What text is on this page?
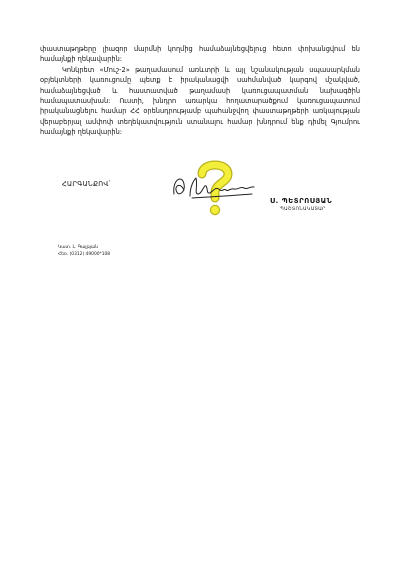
փաստաթղթերը լիազոր մարմնի կողմից համաձայնեցվելուց հետո փոխանցվում են համայնքի ղեկավարին:

Կոնկրետ «Մուշ-2» թաղամասում առևտրի և այլ նշանակության սպասարկման օբյեկտների կառուցումը պետք է իրականացվի սահմանված կարգով մշակված, համաձայնեցված և հաստատված թաղամասի կառուցապատման նախագծին համապատասխան: Ուստի, խնդրո առարկա հողատարածքում կառուցապատում իրականացնելու համար ՀՀ օրենսդրությամբ պահանջվող փաստաթղթերի առկայության վերաբերյալ ամփոփ տեղեկատվություն ստանալու համար խնդրում ենք դիմել Գյումրու համայնքի ղեկավարին:

ՀԱՐԳԱՆՔՈՎ՝
Ս. ՊԵՏՐՈՍՅԱՆ
ՊԱՇՏՈՆԱԿԱՏԱՐ
Կատ. Լ. Գալթյան
Հեռ. (0312) 49000*108
